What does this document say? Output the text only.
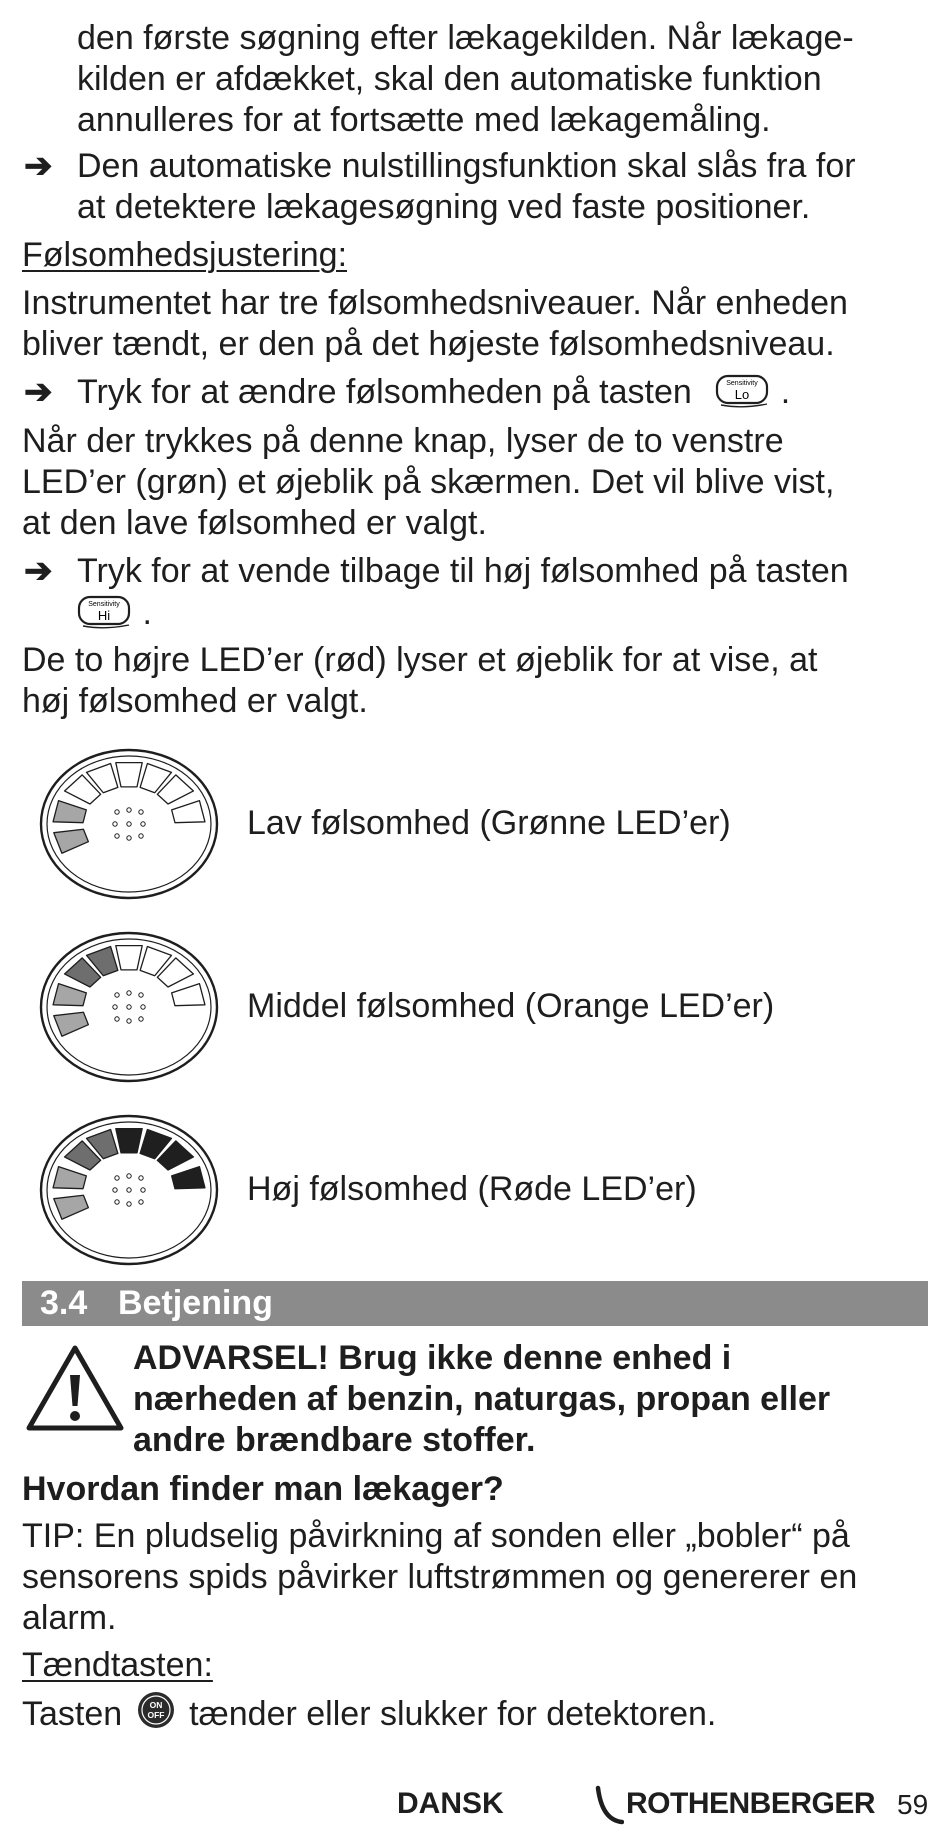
den første søgning efter lækagekilden. Når lækage-
kilden er afdækket, skal den automatiske funktion
annulleres for at fortsætte med lækagemåling.
➔ Den automatiske nulstillingsfunktion skal slås fra for
at detektere lækagesøgning ved faste positioner.
Følsomhedsjustering:
Instrumentet har tre følsomhedsniveauer. Når enheden
bliver tændt, er den på det højeste følsomhedsniveau.
➔ Tryk for at ændre følsomheden på tasten	Sensitivity
Lo .
Når der trykkes på denne knap, lyser de to venstre
LED’er (grøn) et øjeblik på skærmen. Det vil blive vist,
at den lave følsomhed er valgt.
➔ Tryk for at vende tilbage til høj følsomhed på tasten
Sensitivity
Hi .
De to højre LED’er (rød) lyser et øjeblik for at vise, at
høj følsomhed er valgt.
Lav følsomhed (Grønne LED’er)
Middel følsomhed (Orange LED’er)
Høj følsomhed (Røde LED’er)
3.4 Betjening
ADVARSEL! Brug ikke denne enhed i
nærheden af benzin, naturgas, propan eller
andre brændbare stoffer.
Hvordan finder man lækager?
TIP: En pludselig påvirkning af sonden eller „bobler“ på
sensorens spids påvirker luftstrømmen og genererer en
alarm.
Tændtasten:
Tasten	ON
OFF tænder eller slukker for detektoren.
DANSK	ROTHENBERGER 59
